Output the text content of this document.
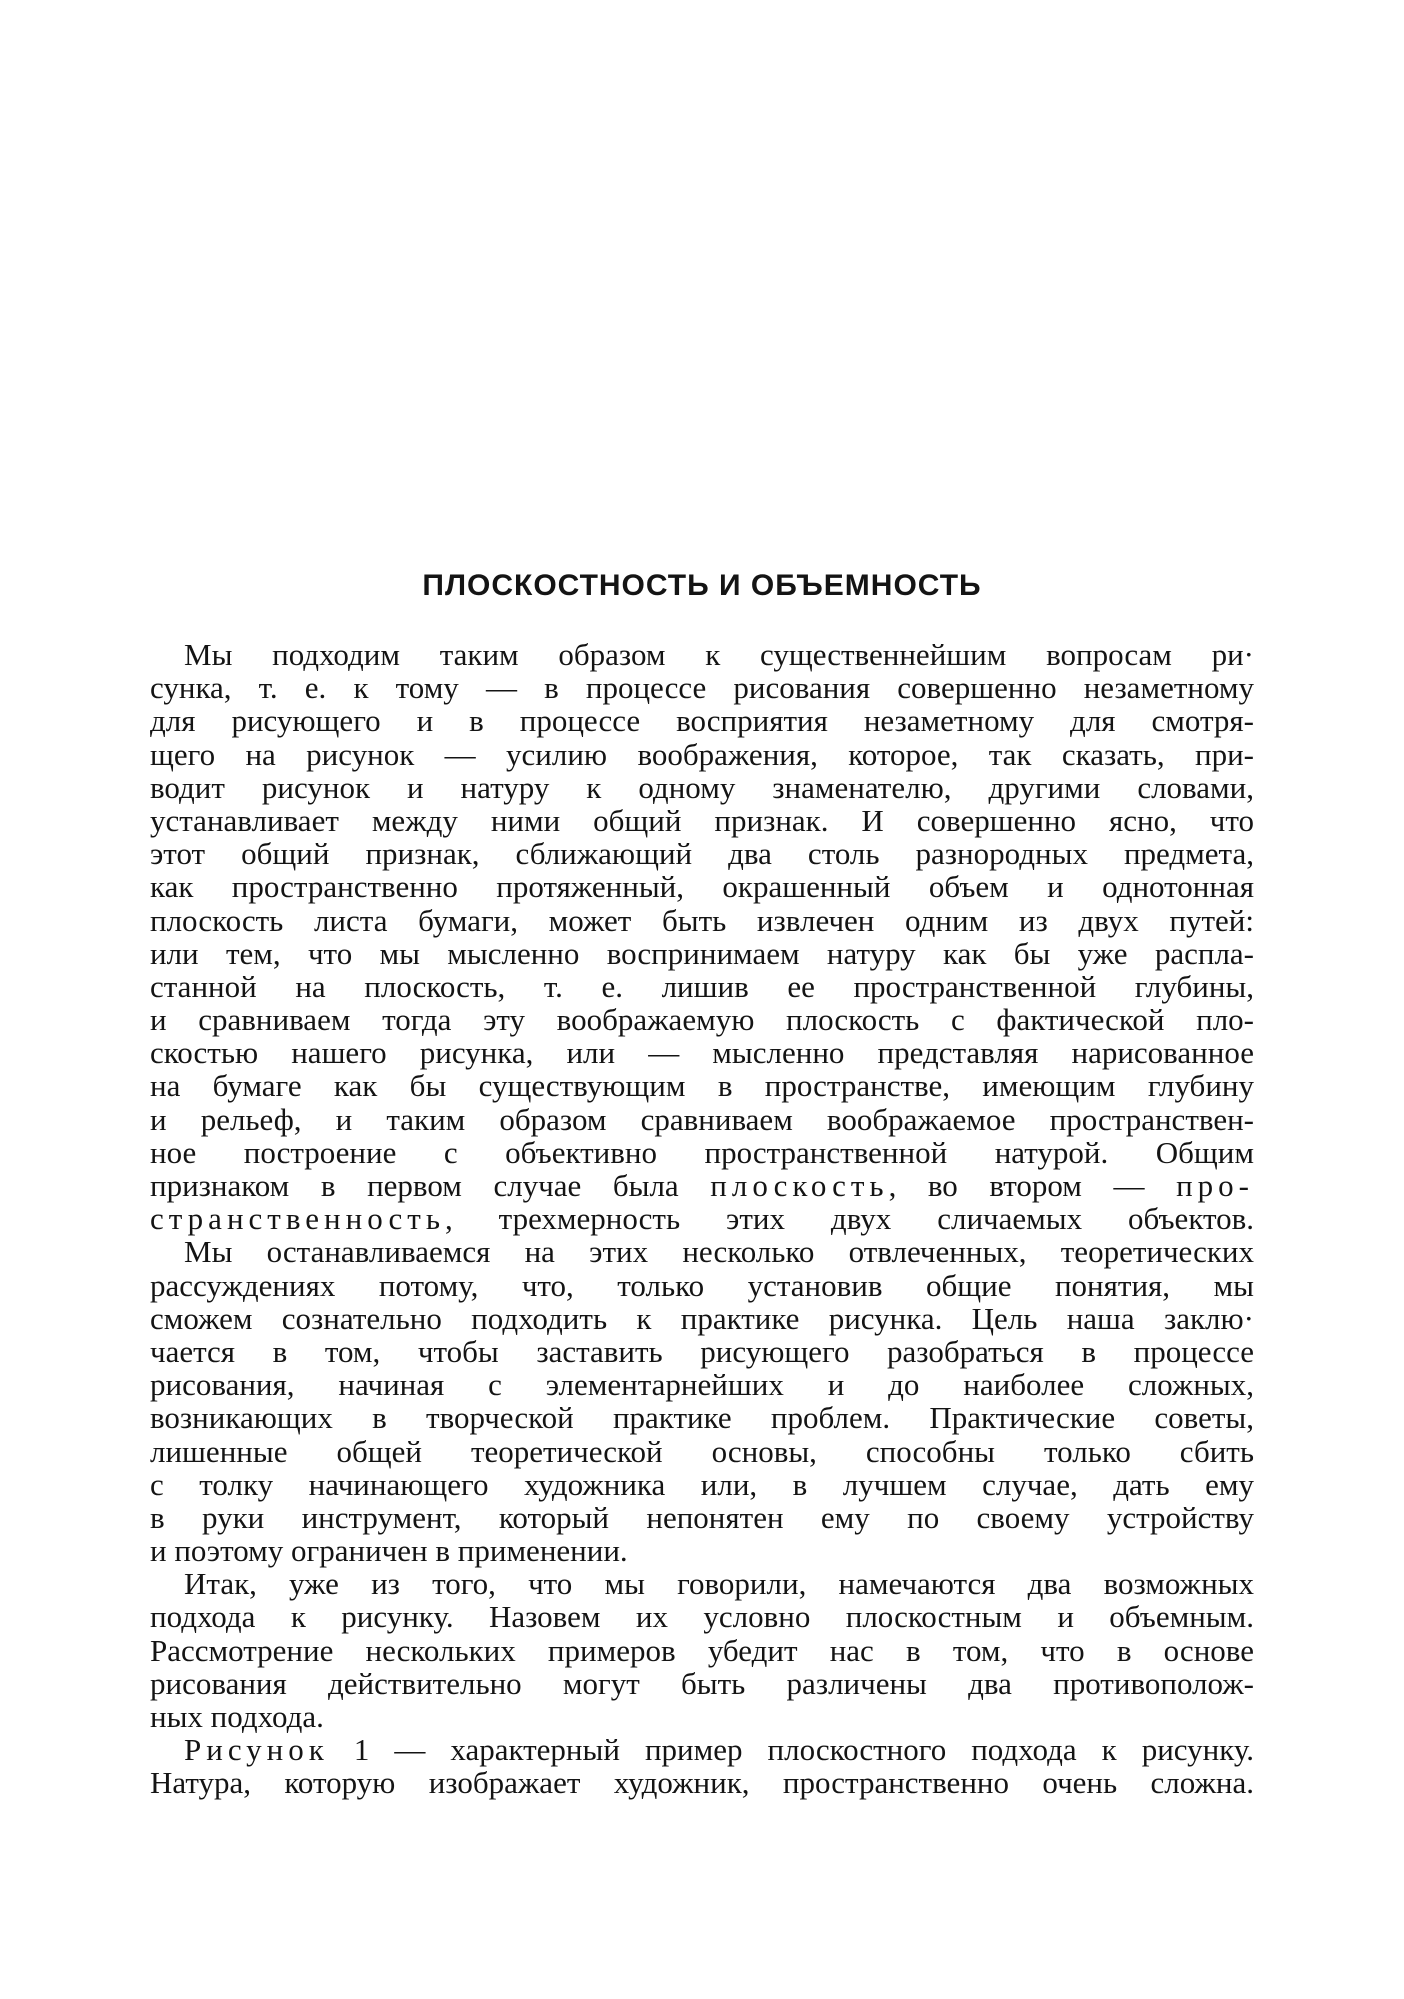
ПЛОСКОСТНОСТЬ И ОБЪЕМНОСТЬ
Мы подходим таким образом к существеннейшим вопросам ри·
сунка, т. е. к тому — в процессе рисования совершенно незаметному
для рисующего и в процессе восприятия незаметному для смотря-
щего на рисунок — усилию воображения, которое, так сказать, при-
водит рисунок и натуру к одному знаменателю, другими словами,
устанавливает между ними общий признак. И совершенно ясно, что
этот общий признак, сближающий два столь разнородных предмета,
как пространственно протяженный, окрашенный объем и однотонная
плоскость листа бумаги, может быть извлечен одним из двух путей:
или тем, что мы мысленно воспринимаем натуру как бы уже распла-
станной на плоскость, т. е. лишив ее пространственной глубины,
и сравниваем тогда эту воображаемую плоскость с фактической пло-
скостью нашего рисунка, или — мысленно представляя нарисованное
на бумаге как бы существующим в пространстве, имеющим глубину
и рельеф, и таким образом сравниваем воображаемое пространствен-
ное построение с объективно пространственной натурой. Общим
признаком в первом случае была плоскость, во втором — про-
странственность, трехмерность этих двух сличаемых объектов.
Мы останавливаемся на этих несколько отвлеченных, теоретических
рассуждениях потому, что, только установив общие понятия, мы
сможем сознательно подходить к практике рисунка. Цель наша заклю·
чается в том, чтобы заставить рисующего разобраться в процессе
рисования, начиная с элементарнейших и до наиболее сложных,
возникающих в творческой практике проблем. Практические советы,
лишенные общей теоретической основы, способны только сбить
с толку начинающего художника или, в лучшем случае, дать ему
в руки инструмент, который непонятен ему по своему устройству
и поэтому ограничен в применении.
Итак, уже из того, что мы говорили, намечаются два возможных
подхода к рисунку. Назовем их условно плоскостным и объемным.
Рассмотрение нескольких примеров убедит нас в том, что в основе
рисования действительно могут быть различены два противополож-
ных подхода.
Рисунок 1 — характерный пример плоскостного подхода к рисунку.
Натура, которую изображает художник, пространственно очень сложна.
